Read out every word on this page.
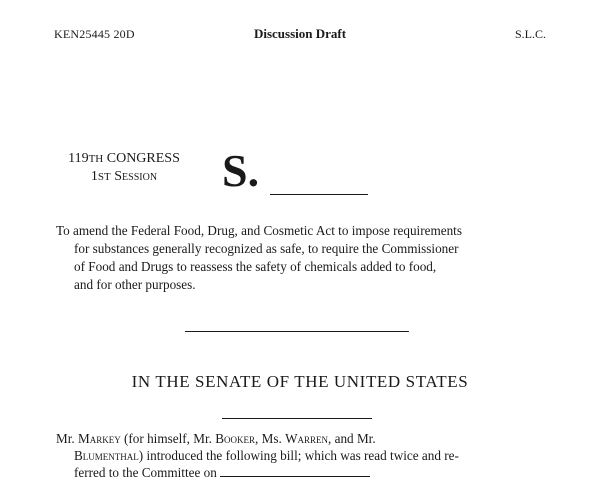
KEN25445 20D	Discussion Draft	S.L.C.
119TH CONGRESS
1ST Session	S.
To amend the Federal Food, Drug, and Cosmetic Act to impose requirements
for substances generally recognized as safe, to require the Commissioner
of Food and Drugs to reassess the safety of chemicals added to food,
and for other purposes.
IN THE SENATE OF THE UNITED STATES
Mr. Markey (for himself, Mr. Booker, Ms. Warren, and Mr.
Blumenthal) introduced the following bill; which was read twice and re-
ferred to the Committee on
